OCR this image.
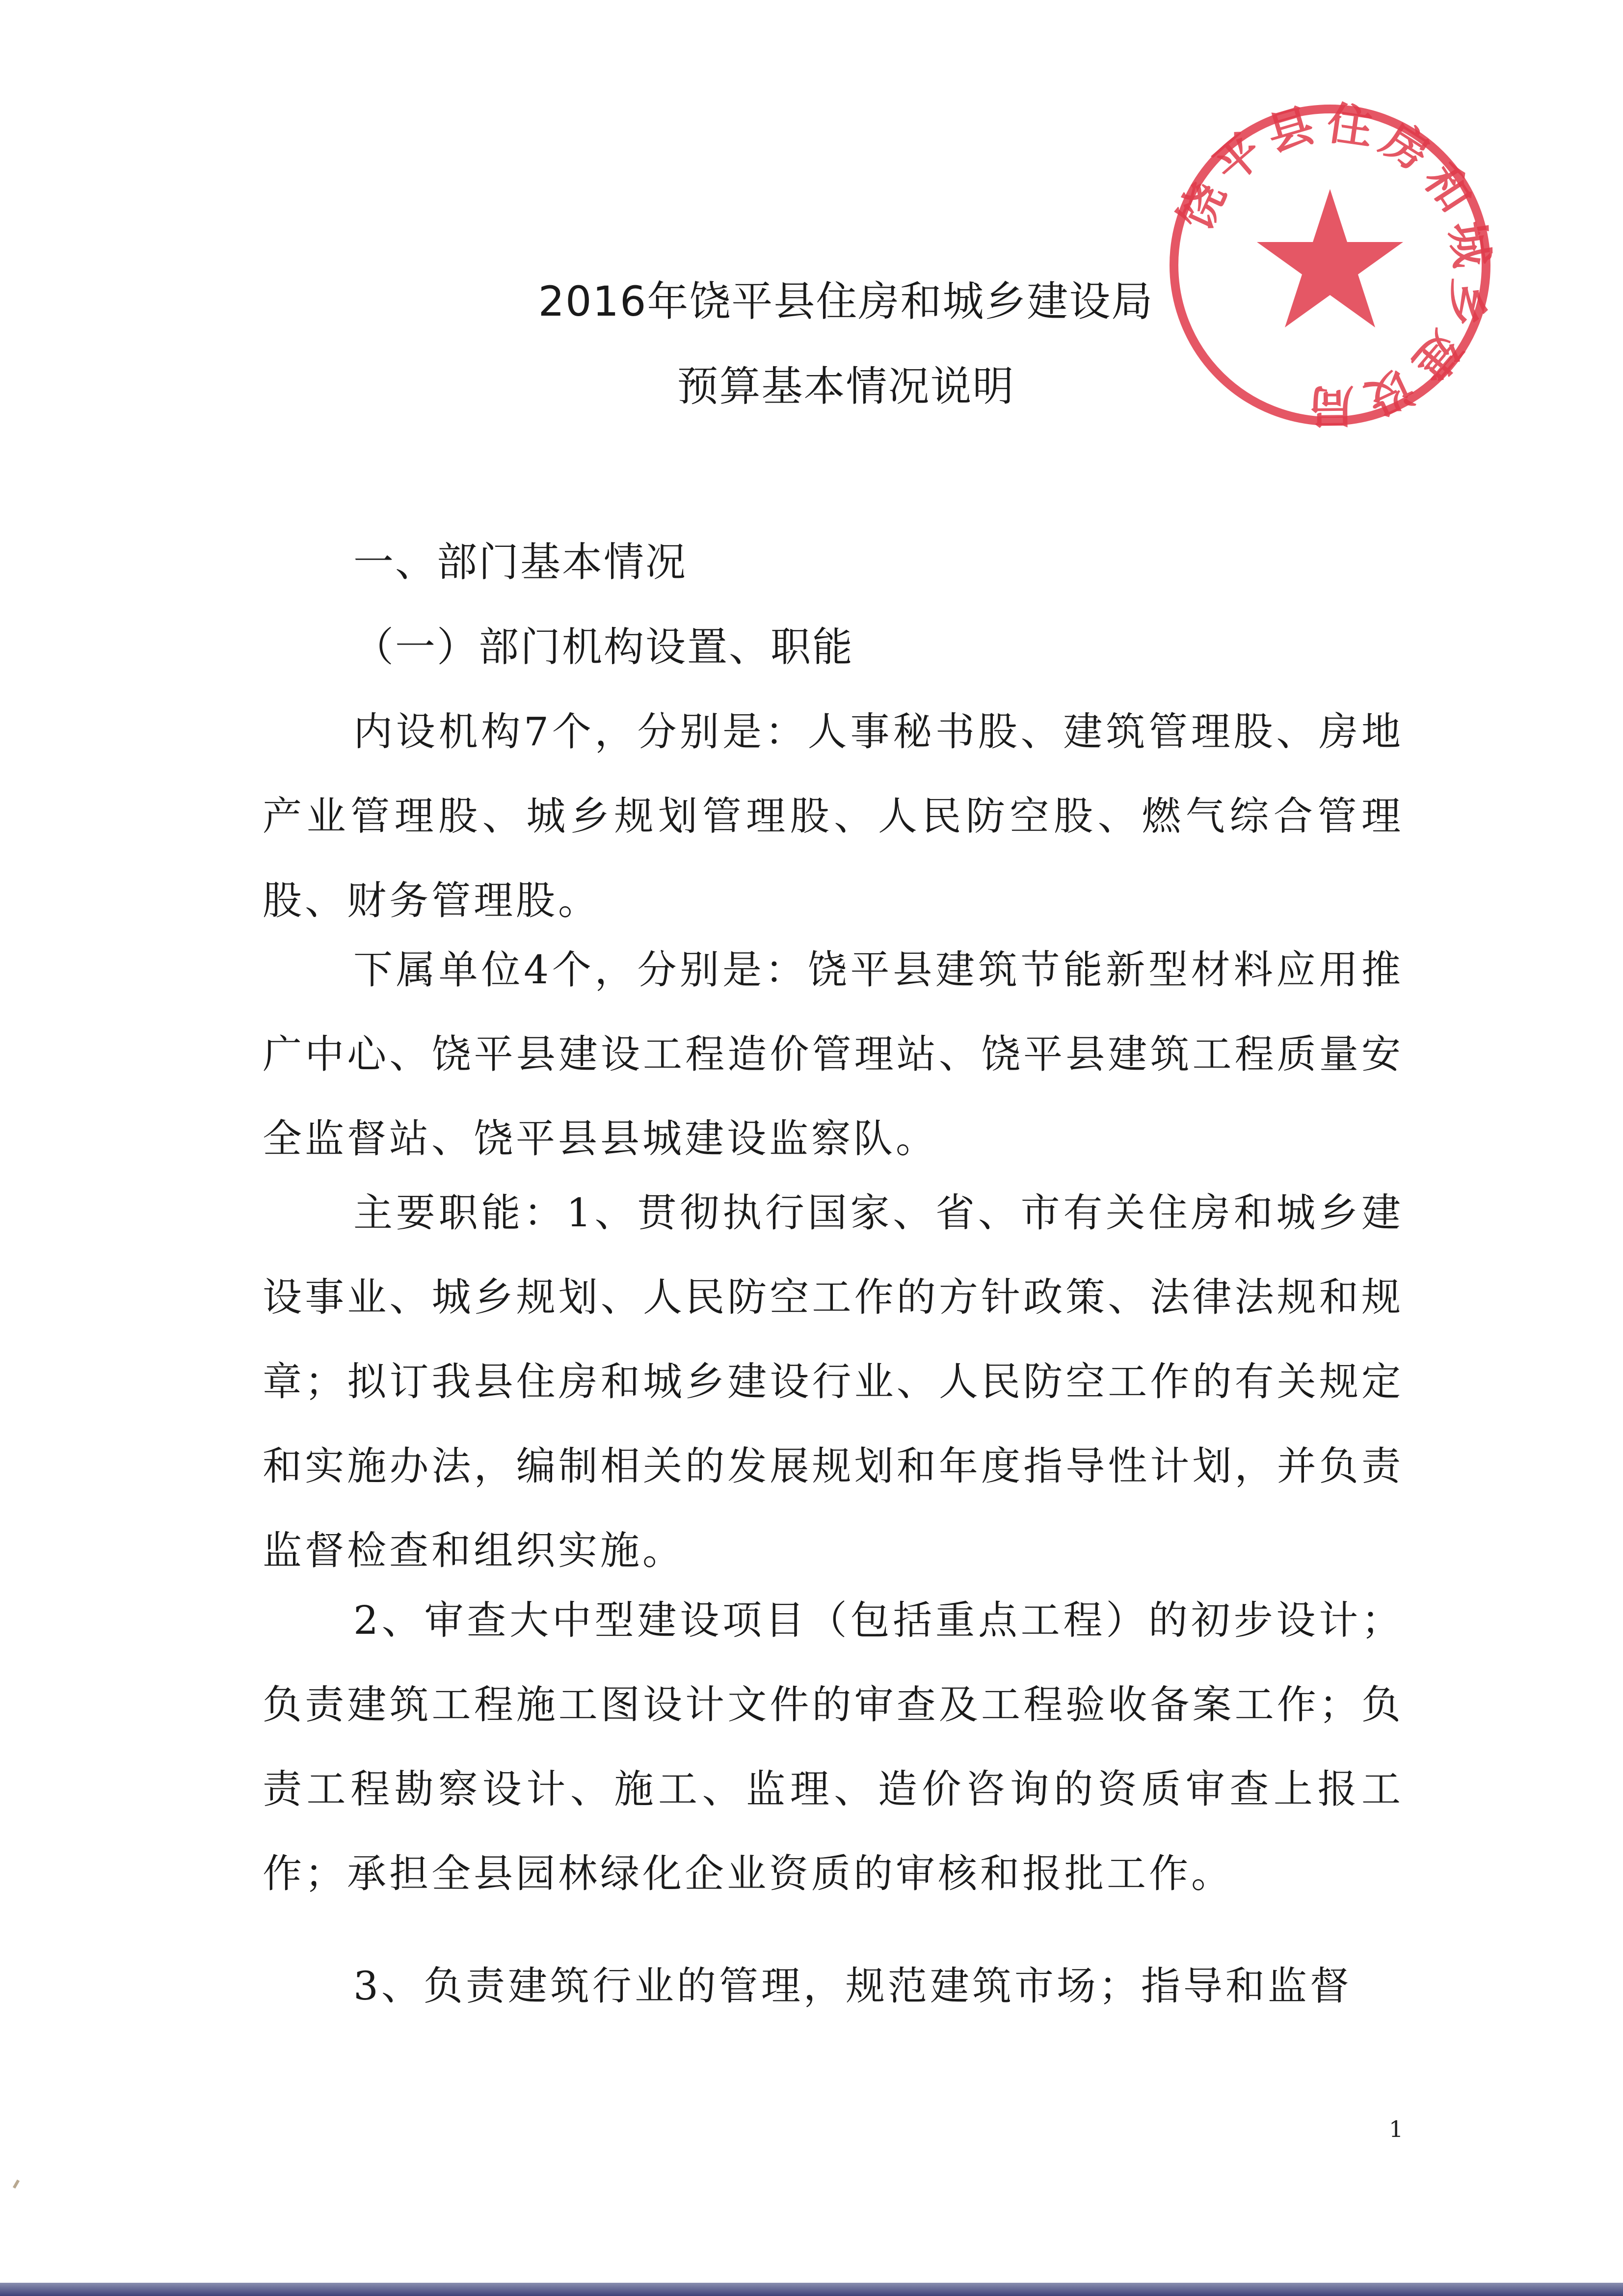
饶平县住房和城乡建设局
2016年饶平县住房和城乡建设局
预算基本情况说明
一、部门基本情况
（一）部门机构设置、职能
内设机构7个，分别是：人事秘书股、建筑管理股、房地产业管理股、城乡规划管理股、人民防空股、燃气综合管理股、财务管理股。
下属单位4个，分别是：饶平县建筑节能新型材料应用推广中心、饶平县建设工程造价管理站、饶平县建筑工程质量安全监督站、饶平县县城建设监察队。
主要职能：1、贯彻执行国家、省、市有关住房和城乡建设事业、城乡规划、人民防空工作的方针政策、法律法规和规章；拟订我县住房和城乡建设行业、人民防空工作的有关规定和实施办法，编制相关的发展规划和年度指导性计划，并负责监督检查和组织实施。
2、审查大中型建设项目（包括重点工程）的初步设计；负责建筑工程施工图设计文件的审查及工程验收备案工作；负责工程勘察设计、施工、监理、造价咨询的资质审查上报工作；承担全县园林绿化企业资质的审核和报批工作。
3、负责建筑行业的管理，规范建筑市场；指导和监督
1
